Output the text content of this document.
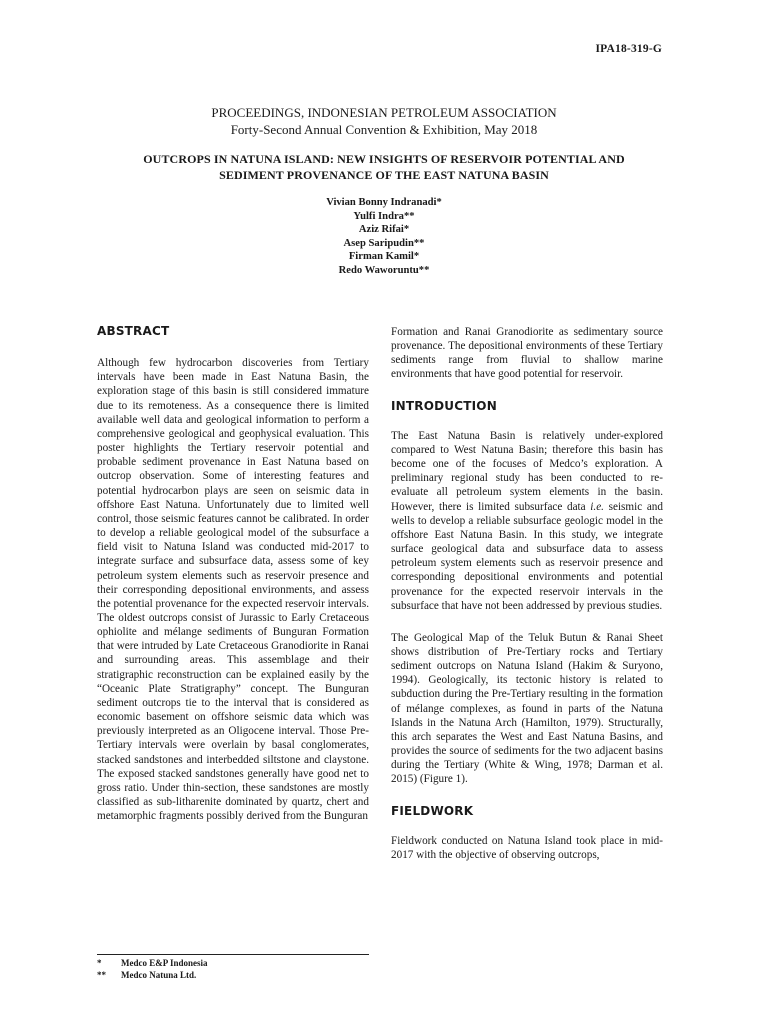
IPA18-319-G
PROCEEDINGS, INDONESIAN PETROLEUM ASSOCIATION
Forty-Second Annual Convention & Exhibition, May 2018
OUTCROPS IN NATUNA ISLAND: NEW INSIGHTS OF RESERVOIR POTENTIAL AND
SEDIMENT PROVENANCE OF THE EAST NATUNA BASIN
Vivian Bonny Indranadi*
Yulfi Indra**
Aziz Rifai*
Asep Saripudin**
Firman Kamil*
Redo Waworuntu**
ABSTRACT

Although few hydrocarbon discoveries from Tertiary intervals have been made in East Natuna Basin, the exploration stage of this basin is still considered immature due to its remoteness. As a consequence there is limited available well data and geological information to perform a comprehensive geological and geophysical evaluation. This poster highlights the Tertiary reservoir potential and probable sediment provenance in East Natuna based on outcrop observation. Some of interesting features and potential hydrocarbon plays are seen on seismic data in offshore East Natuna. Unfortunately due to limited well control, those seismic features cannot be calibrated. In order to develop a reliable geological model of the subsurface a field visit to Natuna Island was conducted mid-2017 to integrate surface and subsurface data, assess some of key petroleum system elements such as reservoir presence and their corresponding depositional environments, and assess the potential provenance for the expected reservoir intervals. The oldest outcrops consist of Jurassic to Early Cretaceous ophiolite and mélange sediments of Bunguran Formation that were intruded by Late Cretaceous Granodiorite in Ranai and surrounding areas. This assemblage and their stratigraphic reconstruction can be explained easily by the “Oceanic Plate Stratigraphy” concept. The Bunguran sediment outcrops tie to the interval that is considered as economic basement on offshore seismic data which was previously interpreted as an Oligocene interval. Those Pre-Tertiary intervals were overlain by basal conglomerates, stacked sandstones and interbedded siltstone and claystone. The exposed stacked sandstones generally have good net to gross ratio. Under thin-section, these sandstones are mostly classified as sub-litharenite dominated by quartz, chert and metamorphic fragments possibly derived from the Bunguran

Formation and Ranai Granodiorite as sedimentary source provenance. The depositional environments of these Tertiary sediments range from fluvial to shallow marine environments that have good potential for reservoir.

INTRODUCTION

The East Natuna Basin is relatively under-explored compared to West Natuna Basin; therefore this basin has become one of the focuses of Medco’s exploration. A preliminary regional study has been conducted to re-evaluate all petroleum system elements in the basin. However, there is limited subsurface data i.e. seismic and wells to develop a reliable subsurface geologic model in the offshore East Natuna Basin. In this study, we integrate surface geological data and subsurface data to assess petroleum system elements such as reservoir presence and corresponding depositional environments and potential provenance for the expected reservoir intervals in the subsurface that have not been addressed by previous studies.

The Geological Map of the Teluk Butun & Ranai Sheet shows distribution of Pre-Tertiary rocks and Tertiary sediment outcrops on Natuna Island (Hakim & Suryono, 1994). Geologically, its tectonic history is related to subduction during the Pre-Tertiary resulting in the formation of mélange complexes, as found in parts of the Natuna Islands in the Natuna Arch (Hamilton, 1979). Structurally, this arch separates the West and East Natuna Basins, and provides the source of sediments for the two adjacent basins during the Tertiary (White & Wing, 1978; Darman et al. 2015) (Figure 1).

FIELDWORK

Fieldwork conducted on Natuna Island took place in mid-2017 with the objective of observing outcrops,

*	Medco E&P Indonesia
**	Medco Natuna Ltd.
